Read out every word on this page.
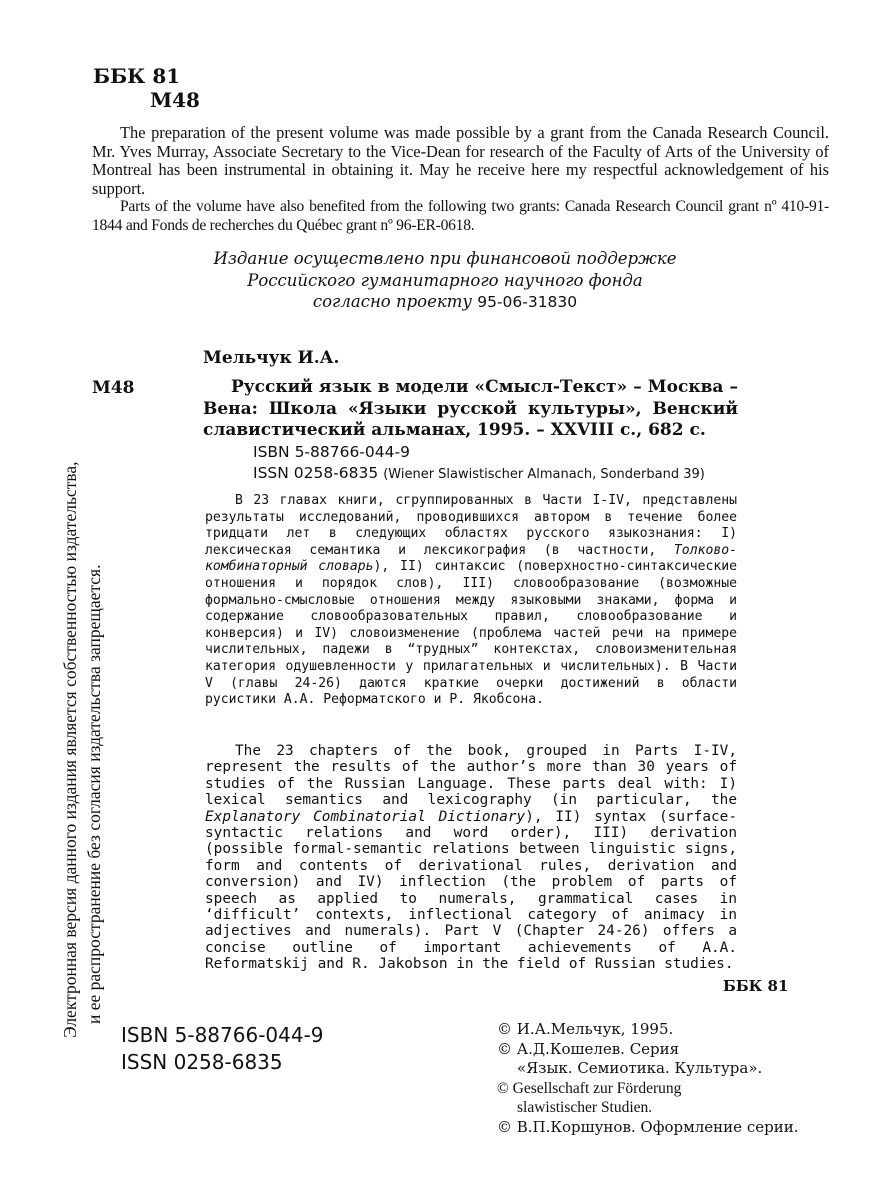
ББК 81
М48

The preparation of the present volume was made possible by a grant from the Canada Research Council. Mr. Yves Murray, Associate Secretary to the Vice-Dean for research of the Faculty of Arts of the University of Montreal has been instrumental in obtaining it. May he receive here my respectful acknowledgement of his support.

Parts of the volume have also benefited from the following two grants: Canada Research Council grant nº 410-91-1844 and Fonds de recherches du Québec grant nº 96-ER-0618.

Издание осуществлено при финансовой поддержке
Российского гуманитарного научного фонда
согласно проекту 95-06-31830
Мельчук И.А.
М48	Русский язык в модели «Смысл-Текст» – Москва – Вена: Школа «Языки русской культуры», Венский славистический альманах, 1995. – XXVIII с., 682 с.
ISBN 5-88766-044-9
ISSN 0258-6835 (Wiener Slawistischer Almanach, Sonderband 39)

В 23 главах книги, сгруппированных в Части I-IV, представлены результаты исследований, проводившихся автором в течение более тридцати лет в следующих областях русского языкознания: I) лексическая семантика и лексикография (в частности, Толково-комбинаторный словарь), II) синтаксис (поверхностно-синтаксические отношения и порядок слов), III) словообразование (возможные формально-смысловые отношения между языковыми знаками, форма и содержание словообразовательных правил, словообразование и конверсия) и IV) словоизменение (проблема частей речи на примере числительных, падежи в “трудных” контекстах, словоизменительная категория одушевленности у прилагательных и числительных). В Части V (главы 24-26) даются краткие очерки достижений в области русистики А.А. Реформатского и Р. Якобсона.

The 23 chapters of the book, grouped in Parts I-IV, represent the results of the author’s more than 30 years of studies of the Russian Language. These parts deal with: I) lexical semantics and lexicography (in particular, the Explanatory Combinatorial Dictionary), II) syntax (surface-syntactic relations and word order), III) derivation (possible formal-semantic relations between linguistic signs, form and contents of derivational rules, derivation and conversion) and IV) inflection (the problem of parts of speech as applied to numerals, grammatical cases in ‘difficult’ contexts, inflectional category of animacy in adjectives and numerals). Part V (Chapter 24-26) offers a concise outline of important achievements of A.A. Reformatskij and R. Jakobson in the field of Russian studies.

ББК 81
ISBN 5-88766-044-9
ISSN 0258-6835
© И.А.Мельчук, 1995.
© А.Д.Кошелев. Серия
«Язык. Семиотика. Культура».
© Gesellschaft zur Förderung
slawistischer Studien.
© В.П.Коршунов. Оформление серии.
Электронная версия данного издания является собственностью издательства, и ее распространение без согласия издательства запрещается.
